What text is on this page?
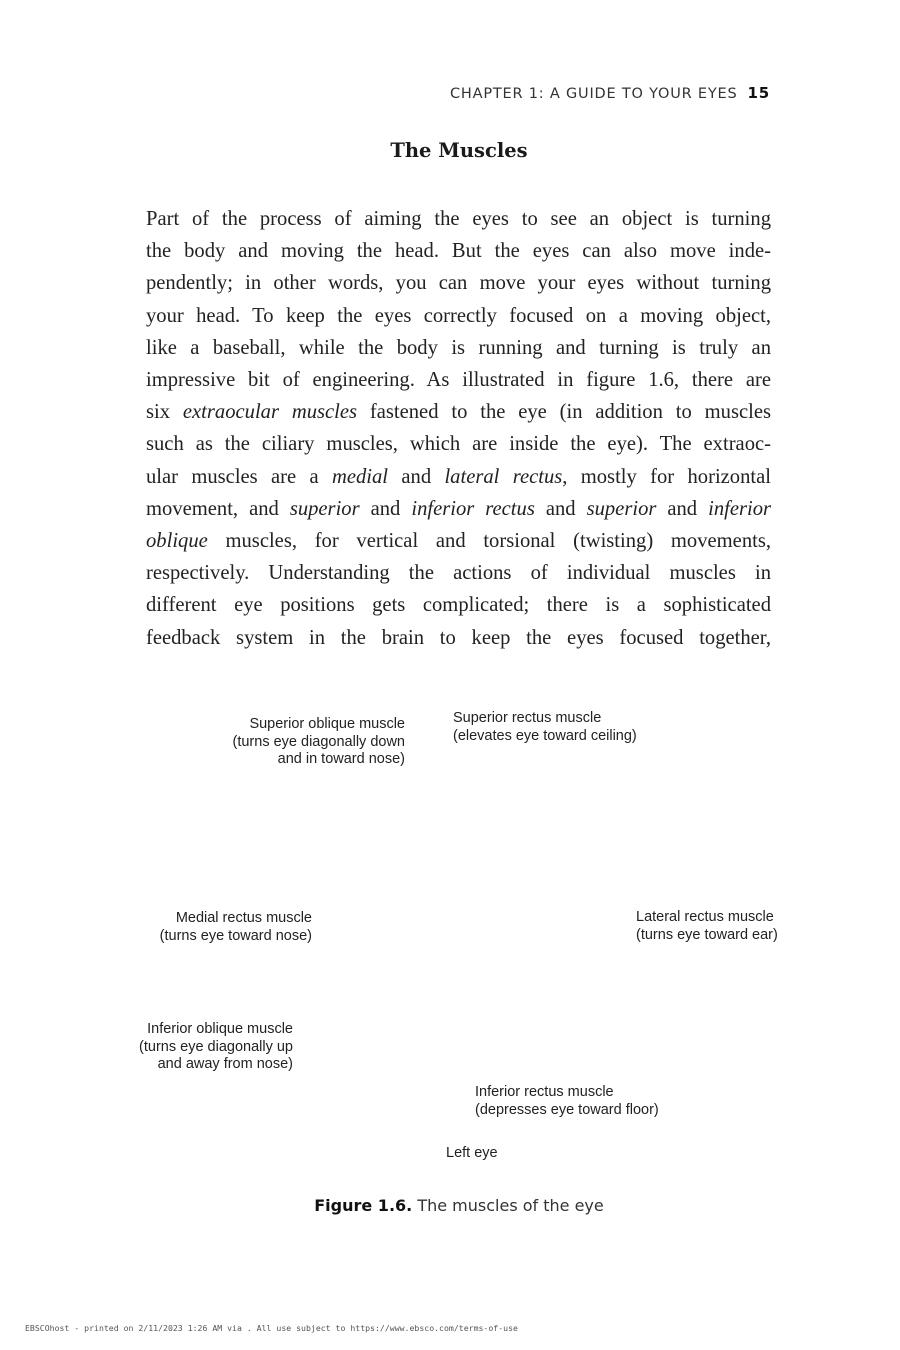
CHAPTER 1: A GUIDE TO YOUR EYES 15
The Muscles
Part of the process of aiming the eyes to see an object is turning
the body and moving the head. But the eyes can also move inde-
pendently; in other words, you can move your eyes without turning
your head. To keep the eyes correctly focused on a moving object,
like a baseball, while the body is running and turning is truly an
impressive bit of engineering. As illustrated in figure 1.6, there are
six extraocular muscles fastened to the eye (in addition to muscles
such as the ciliary muscles, which are inside the eye). The extraoc-
ular muscles are a medial and lateral rectus, mostly for horizontal
movement, and superior and inferior rectus and superior and inferior
oblique muscles, for vertical and torsional (twisting) movements,
respectively. Understanding the actions of individual muscles in
different eye positions gets complicated; there is a sophisticated
feedback system in the brain to keep the eyes focused together,
Superior oblique muscle
(turns eye diagonally down
and in toward nose)
Superior rectus muscle
(elevates eye toward ceiling)
Medial rectus muscle
(turns eye toward nose)
Lateral rectus muscle
(turns eye toward ear)
Inferior oblique muscle
(turns eye diagonally up
and away from nose)
Inferior rectus muscle
(depresses eye toward floor)
Left eye
Figure 1.6. The muscles of the eye
EBSCOhost - printed on 2/11/2023 1:26 AM via . All use subject to https://www.ebsco.com/terms-of-use
